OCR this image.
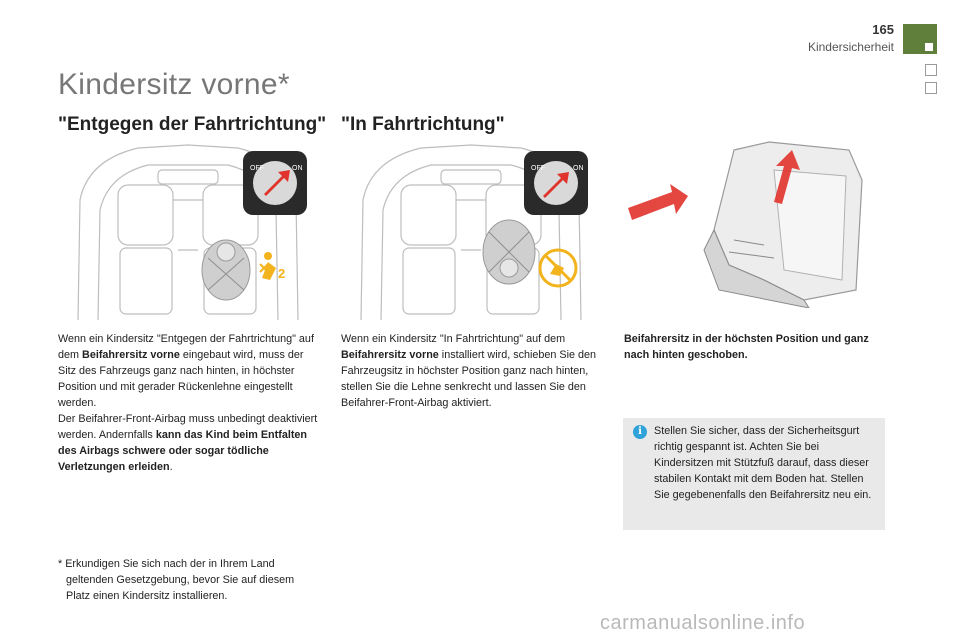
165
Kindersicherheit
Kindersitz vorne*
"Entgegen der Fahrtrichtung" "In Fahrtrichtung"
OFF	ON
2
OFF	ON
Wenn ein Kindersitz "Entgegen der Fahrtrichtung" auf dem Beifahrersitz vorne eingebaut wird, muss der Sitz des Fahrzeugs ganz nach hinten, in höchster Position und mit gerader Rückenlehne eingestellt werden.
Der Beifahrer-Front-Airbag muss unbedingt deaktiviert werden. Andernfalls kann das Kind beim Entfalten des Airbags schwere oder sogar tödliche Verletzungen erleiden.
Wenn ein Kindersitz "In Fahrtrichtung" auf dem Beifahrersitz vorne installiert wird, schieben Sie den Fahrzeugsitz in höchster Position ganz nach hinten, stellen Sie die Lehne senkrecht und lassen Sie den Beifahrer-Front-Airbag aktiviert.
Beifahrersitz in der höchsten Position und ganz nach hinten geschoben.
i	Stellen Sie sicher, dass der Sicherheitsgurt richtig gespannt ist. Achten Sie bei Kindersitzen mit Stützfuß darauf, dass dieser stabilen Kontakt mit dem Boden hat. Stellen Sie gegebenenfalls den Beifahrersitz neu ein.
* Erkundigen Sie sich nach der in Ihrem Land
geltenden Gesetzgebung, bevor Sie auf diesem Platz einen Kindersitz installieren.
carmanualsonline.info
